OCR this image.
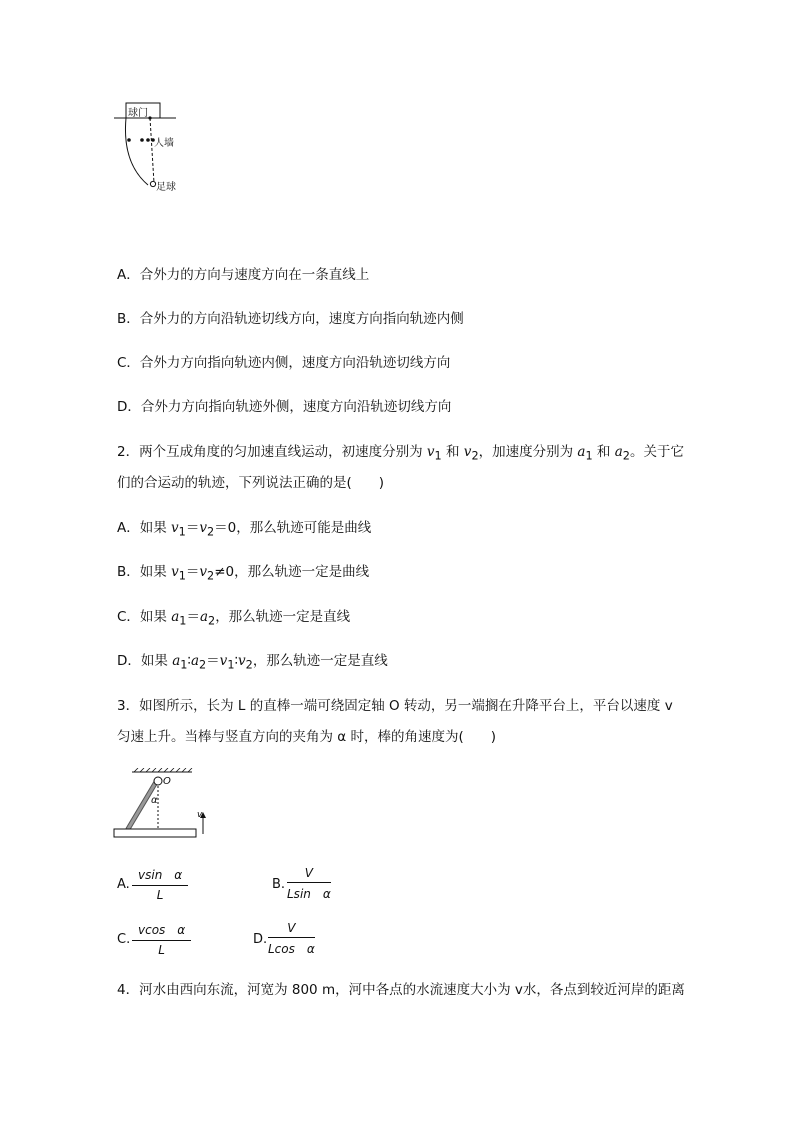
球门
人墙
足球
A．合外力的方向与速度方向在一条直线上
B．合外力的方向沿轨迹切线方向，速度方向指向轨迹内侧
C．合外力方向指向轨迹内侧，速度方向沿轨迹切线方向
D．合外力方向指向轨迹外侧，速度方向沿轨迹切线方向
2．两个互成角度的匀加速直线运动，初速度分别为 $v_1$ 和 $v_2$，加速度分别为 $a_1$ 和 $a_2$。关于它
们的合运动的轨迹，下列说法正确的是(　　)
A．如果 $v_1=v_2=0$，那么轨迹可能是曲线
B．如果 $v_1=v_2\ne 0$，那么轨迹一定是曲线
C．如果 $a_1=a_2$，那么轨迹一定是直线
D．如果 $a_1∶a_2=v_1∶v_2$，那么轨迹一定是直线
3．如图所示，长为 L 的直棒一端可绕固定轴 O 转动，另一端搁在升降平台上，平台以速度 v
匀速上升。当棒与竖直方向的夹角为 α 时，棒的角速度为(　　)
O
α
v
A. $\frac{\text{vsin　α}}{L}$	B. $\frac{V}{\text{Lsin　α}}$
C. $\frac{\text{vcos　α}}{L}$	D. $\frac{V}{\text{Lcos　α}}$
4．河水由西向东流，河宽为 800 m，河中各点的水流速度大小为 v水，各点到较近河岸的距离
